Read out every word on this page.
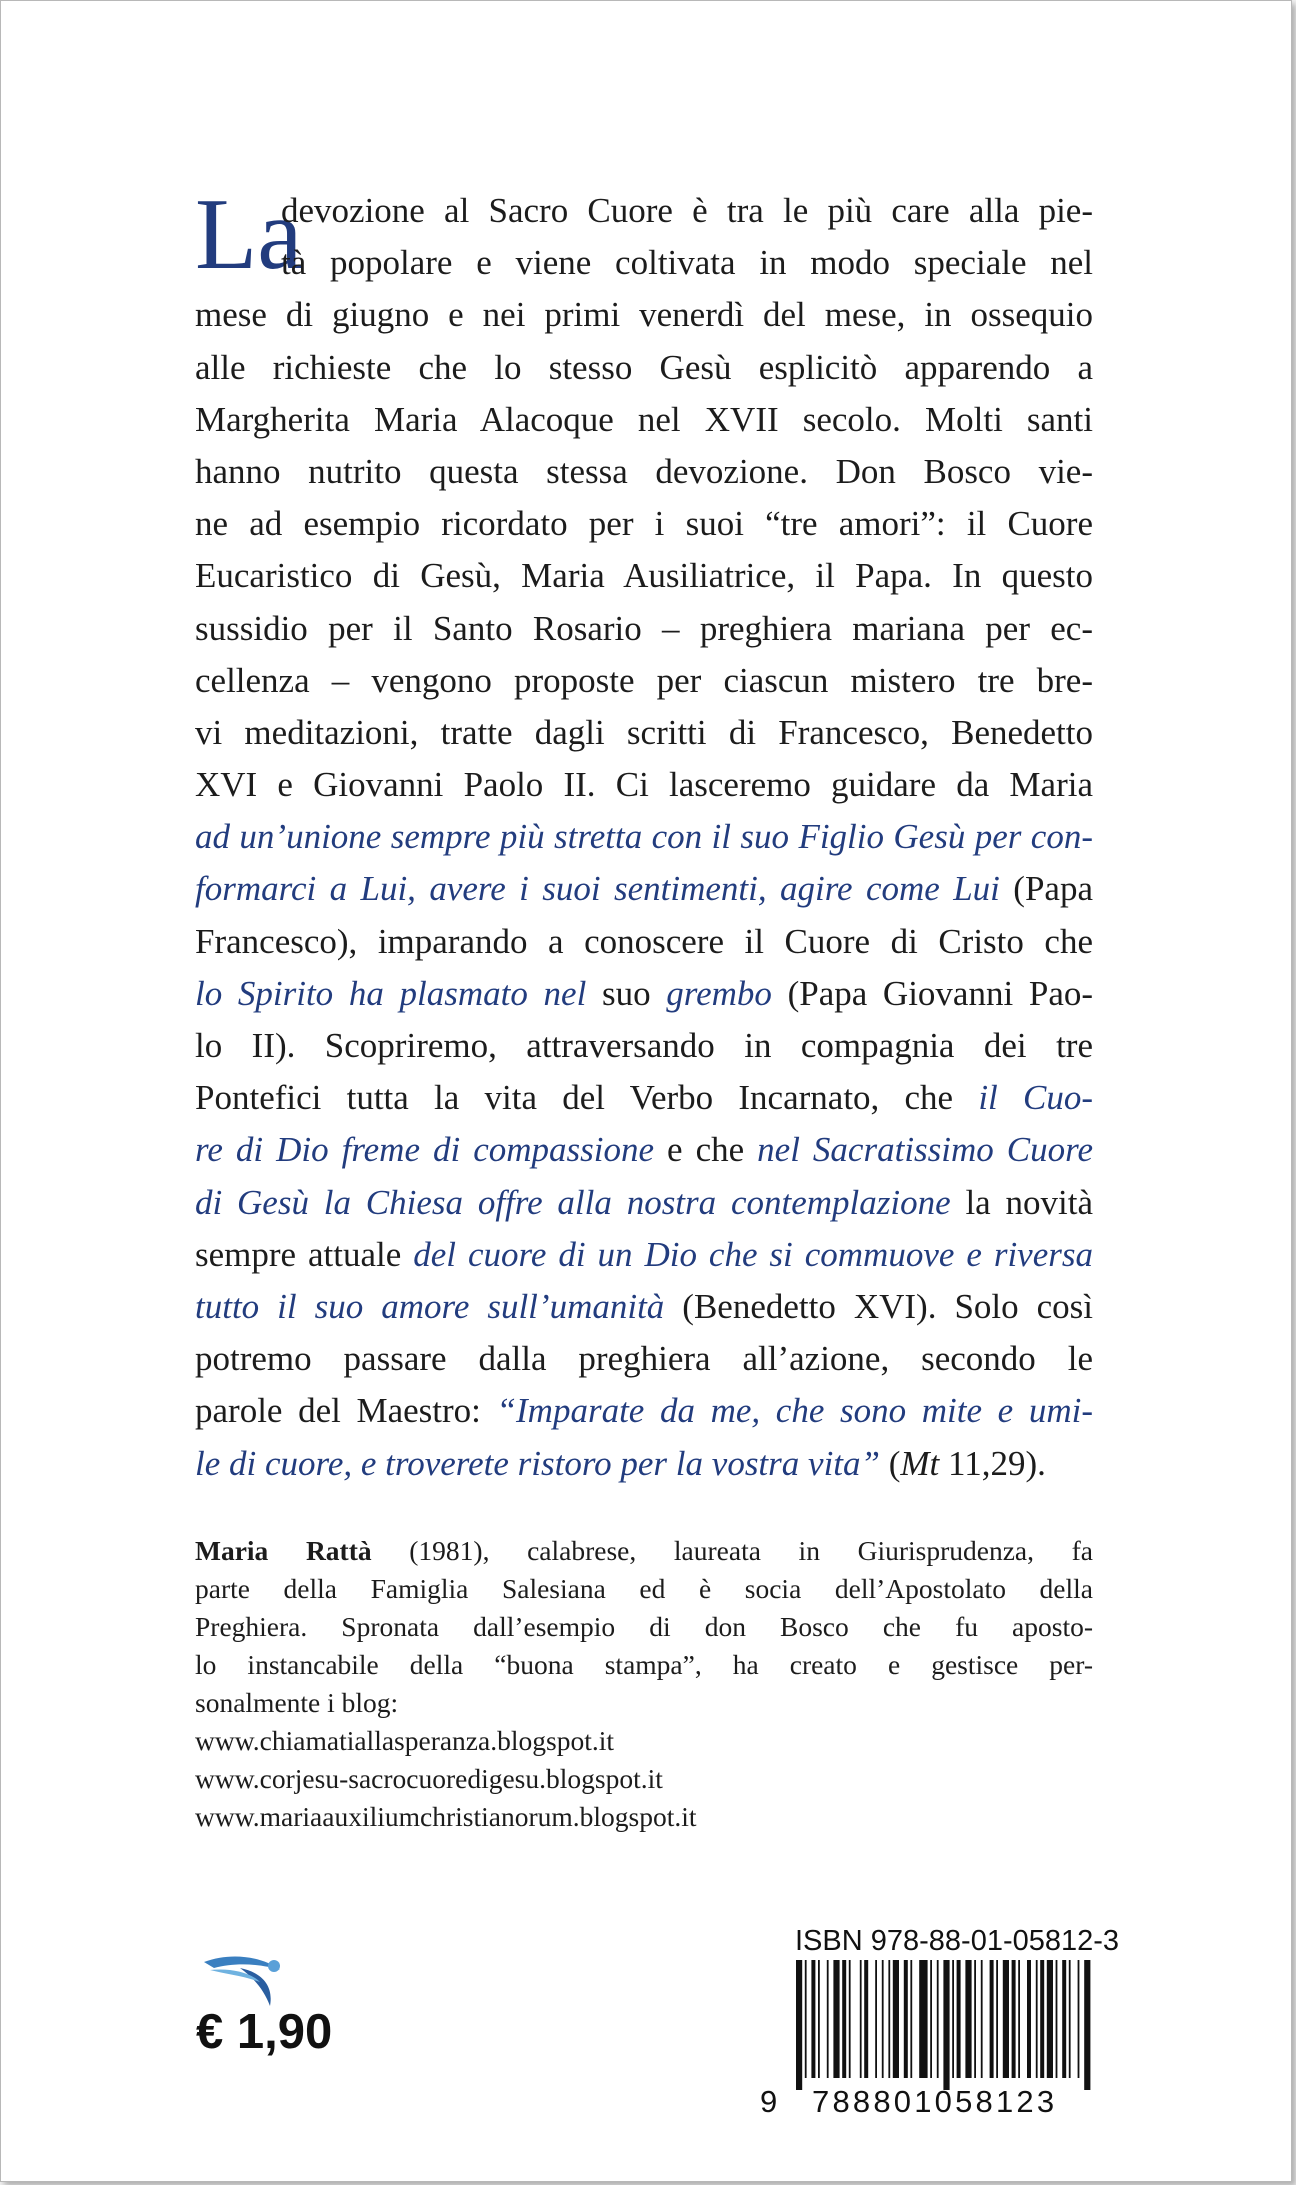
La
devozione al Sacro Cuore è tra le più care alla pie-
tà popolare e viene coltivata in modo speciale nel
mese di giugno e nei primi venerdì del mese, in ossequio
alle richieste che lo stesso Gesù esplicitò apparendo a
Margherita Maria Alacoque nel XVII secolo. Molti santi
hanno nutrito questa stessa devozione. Don Bosco vie-
ne ad esempio ricordato per i suoi “tre amori”: il Cuore
Eucaristico di Gesù, Maria Ausiliatrice, il Papa. In questo
sussidio per il Santo Rosario – preghiera mariana per ec-
cellenza – vengono proposte per ciascun mistero tre bre-
vi meditazioni, tratte dagli scritti di Francesco, Benedetto
XVI e Giovanni Paolo II. Ci lasceremo guidare da Maria
ad un’unione sempre più stretta con il suo Figlio Gesù per con-
formarci a Lui, avere i suoi sentimenti, agire come Lui (Papa
Francesco), imparando a conoscere il Cuore di Cristo che
lo Spirito ha plasmato nel suo grembo (Papa Giovanni Pao-
lo II). Scopriremo, attraversando in compagnia dei tre
Pontefici tutta la vita del Verbo Incarnato, che il Cuo-
re di Dio freme di compassione e che nel Sacratissimo Cuore
di Gesù la Chiesa offre alla nostra contemplazione la novità
sempre attuale del cuore di un Dio che si commuove e riversa
tutto il suo amore sull’umanità (Benedetto XVI). Solo così
potremo passare dalla preghiera all’azione, secondo le
parole del Maestro: “Imparate da me, che sono mite e umi-
le di cuore, e troverete ristoro per la vostra vita” (Mt 11,29).
Maria Rattà (1981), calabrese, laureata in Giurisprudenza, fa
parte della Famiglia Salesiana ed è socia dell’Apostolato della
Preghiera. Spronata dall’esempio di don Bosco che fu aposto-
lo instancabile della “buona stampa”, ha creato e gestisce per-
sonalmente i blog:
www.chiamatiallasperanza.blogspot.it
www.corjesu-sacrocuoredigesu.blogspot.it
www.mariaauxiliumchristianorum.blogspot.it
€ 1,90
ISBN 978-88-01-05812-3
9 788801058123
